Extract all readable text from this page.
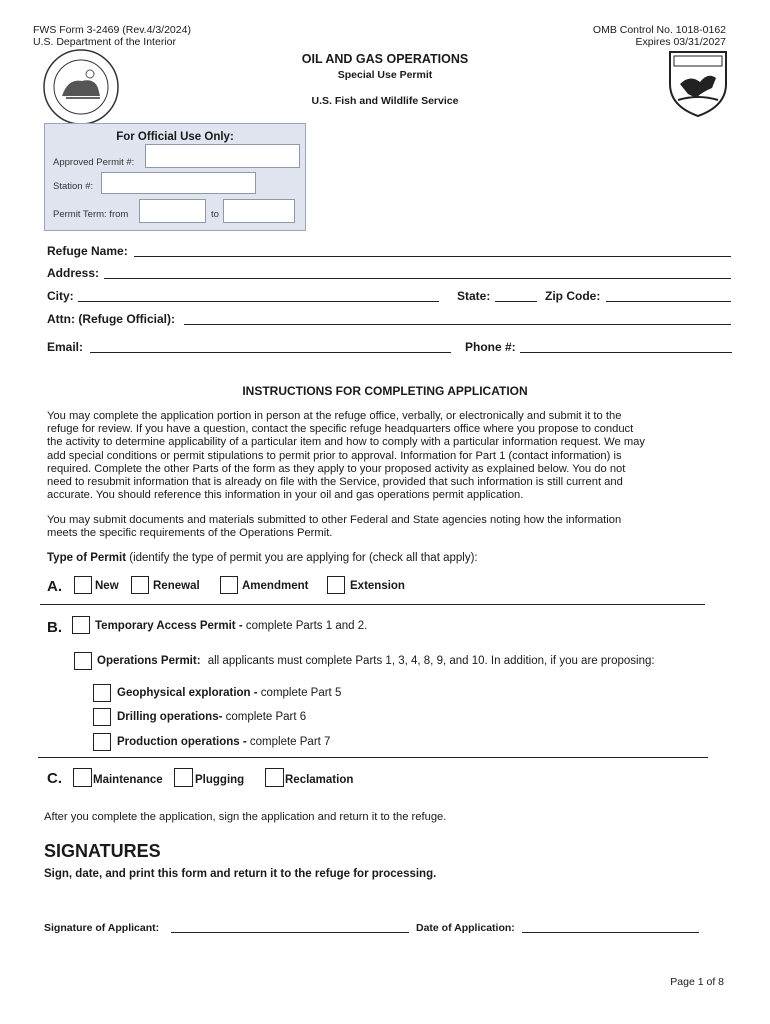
FWS Form 3-2469 (Rev.4/3/2024)
U.S. Department of the Interior
OMB Control No. 1018-0162
Expires 03/31/2027
OIL AND GAS OPERATIONS
Special Use Permit
U.S. Fish and Wildlife Service
For Official Use Only:
Approved Permit #:
Station #:
Permit Term: from	to
Refuge Name:
Address:
City:	State:	Zip Code:
Attn: (Refuge Official):
Email:	Phone #:
INSTRUCTIONS FOR COMPLETING APPLICATION
You may complete the application portion in person at the refuge office, verbally, or electronically and submit it to the
refuge for review. If you have a question, contact the specific refuge headquarters office where you propose to conduct
the activity to determine applicability of a particular item and how to comply with a particular information request. We may
add special conditions or permit stipulations to permit prior to approval. Information for Part 1 (contact information) is
required. Complete the other Parts of the form as they apply to your proposed activity as explained below. You do not
need to resubmit information that is already on file with the Service, provided that such information is still current and
accurate. You should reference this information in your oil and gas operations permit application.
You may submit documents and materials submitted to other Federal and State agencies noting how the information
meets the specific requirements of the Operations Permit.
Type of Permit (identify the type of permit you are applying for (check all that apply):
A.	New	Renewal	Amendment	Extension
B.	Temporary Access Permit - complete Parts 1 and 2.
Operations Permit: all applicants must complete Parts 1, 3, 4, 8, 9, and 10. In addition, if you are proposing:
Geophysical exploration - complete Part 5
Drilling operations- complete Part 6
Production operations - complete Part 7
C.	Maintenance	Plugging	Reclamation
After you complete the application, sign the application and return it to the refuge.
SIGNATURES
Sign, date, and print this form and return it to the refuge for processing.
Signature of Applicant:	Date of Application:
Page 1 of 8
